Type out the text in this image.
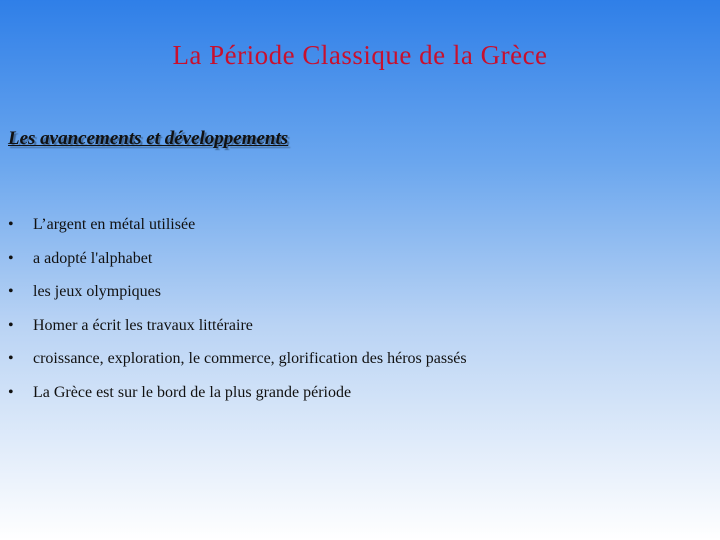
La Période Classique de la Grèce
Les avancements et développements
•	L’argent en métal utilisée
•	a adopté l'alphabet
•	les jeux olympiques
•	Homer a écrit les travaux littéraire
•	croissance, exploration, le commerce, glorification des héros passés
•	La Grèce est sur le bord de la plus grande période
